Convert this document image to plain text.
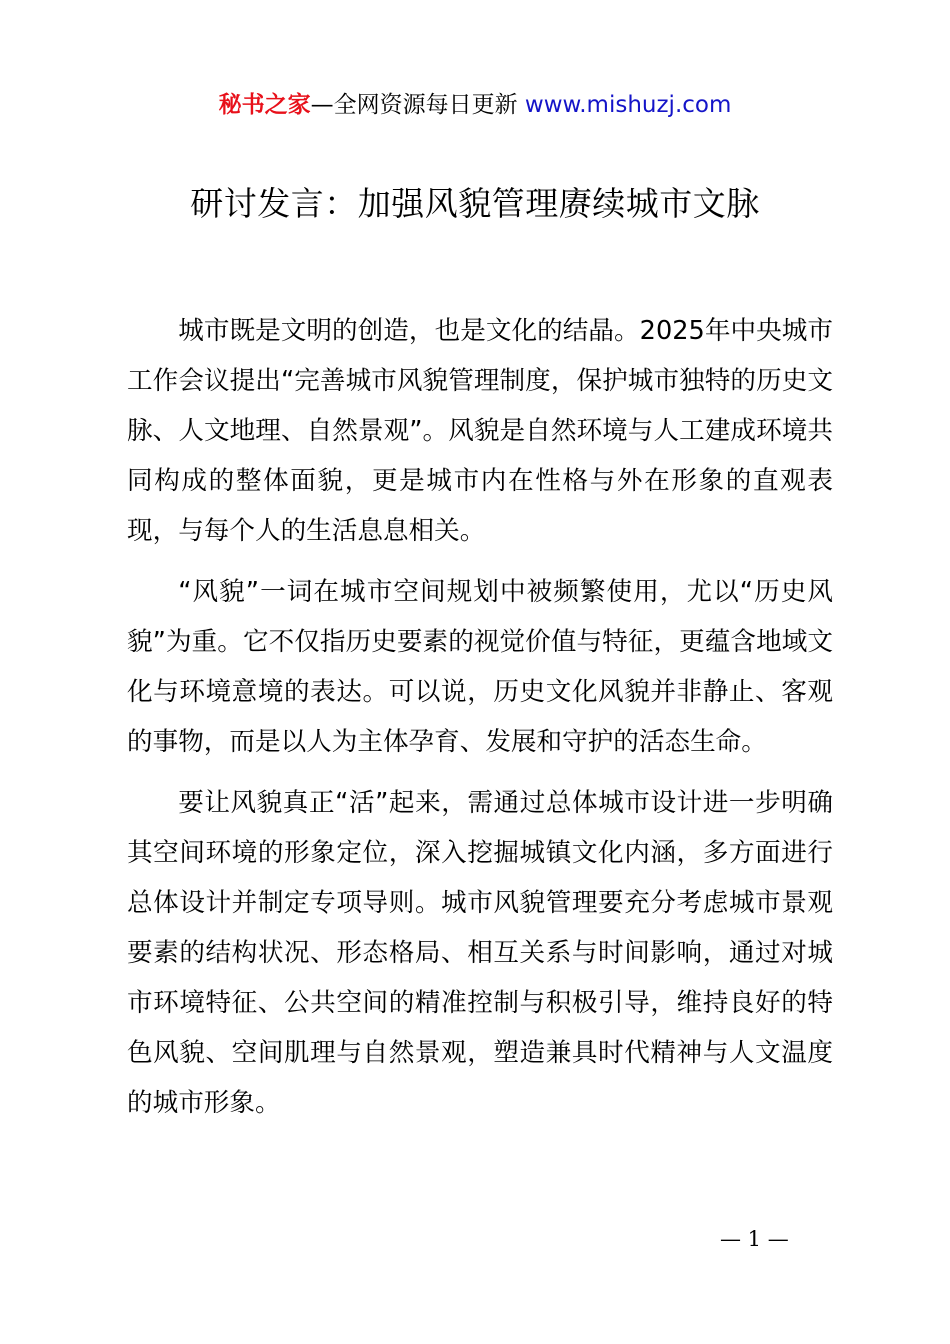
秘书之家—全网资源每日更新 www.mishuzj.com
研讨发言：加强风貌管理赓续城市文脉

城市既是文明的创造，也是文化的结晶。2025年中央城市工作会议提出“完善城市风貌管理制度，保护城市独特的历史文脉、人文地理、自然景观”。风貌是自然环境与人工建成环境共同构成的整体面貌，更是城市内在性格与外在形象的直观表现，与每个人的生活息息相关。

“风貌”一词在城市空间规划中被频繁使用，尤以“历史风貌”为重。它不仅指历史要素的视觉价值与特征，更蕴含地域文化与环境意境的表达。可以说，历史文化风貌并非静止、客观的事物，而是以人为主体孕育、发展和守护的活态生命。

要让风貌真正“活”起来，需通过总体城市设计进一步明确其空间环境的形象定位，深入挖掘城镇文化内涵，多方面进行总体设计并制定专项导则。城市风貌管理要充分考虑城市景观要素的结构状况、形态格局、相互关系与时间影响，通过对城市环境特征、公共空间的精准控制与积极引导，维持良好的特色风貌、空间肌理与自然景观，塑造兼具时代精神与人文温度的城市形象。

— 1 —
